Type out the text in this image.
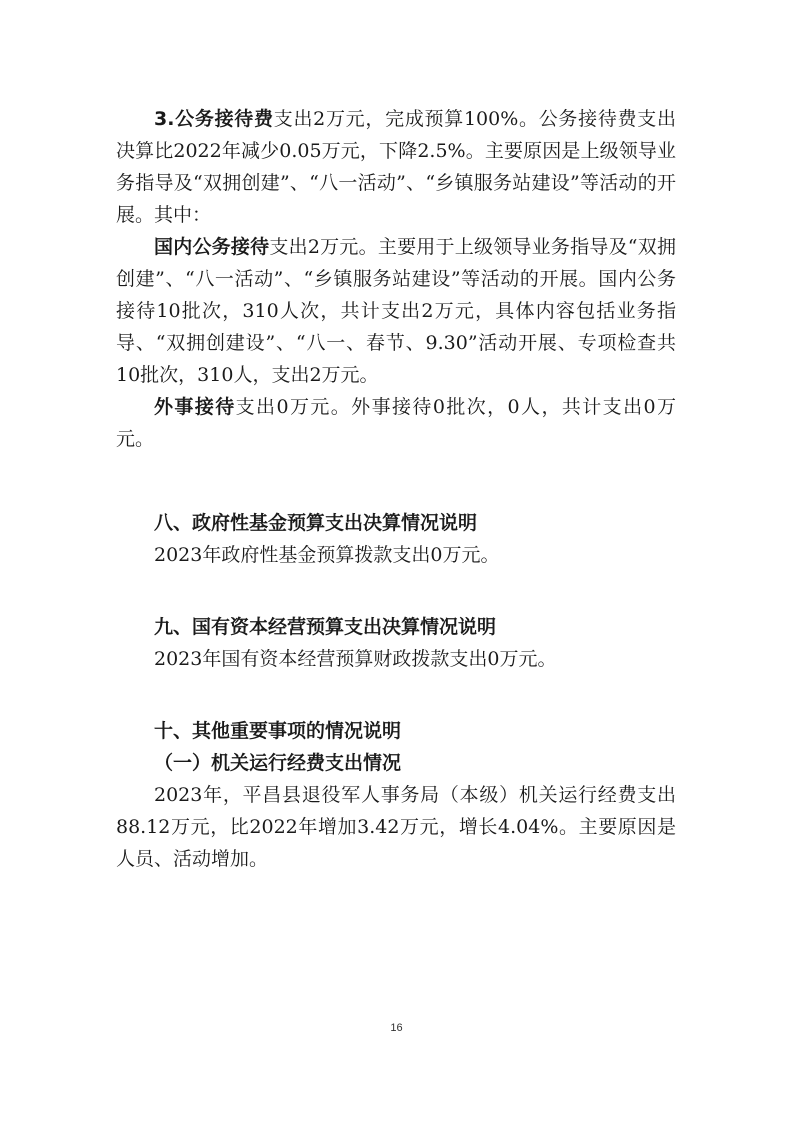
3.公务接待费支出2万元，完成预算100%。公务接待费支出决算比2022年减少0.05万元，下降2.5%。主要原因是上级领导业务指导及“双拥创建”、“八一活动”、“乡镇服务站建设”等活动的开展。其中：

国内公务接待支出2万元。主要用于上级领导业务指导及“双拥创建”、“八一活动”、“乡镇服务站建设”等活动的开展。国内公务接待10批次，310人次，共计支出2万元，具体内容包括业务指导、“双拥创建设”、“八一、春节、9.30”活动开展、专项检查共10批次，310人，支出2万元。

外事接待支出0万元。外事接待0批次，0人，共计支出0万元。

八、政府性基金预算支出决算情况说明

2023年政府性基金预算拨款支出0万元。

九、国有资本经营预算支出决算情况说明

2023年国有资本经营预算财政拨款支出0万元。

十、其他重要事项的情况说明

（一）机关运行经费支出情况

2023年，平昌县退役军人事务局（本级）机关运行经费支出88.12万元，比2022年增加3.42万元，增长4.04%。主要原因是人员、活动增加。

16
